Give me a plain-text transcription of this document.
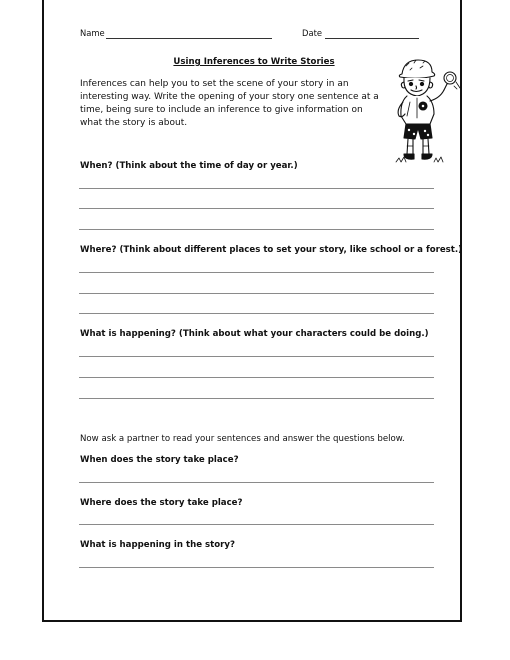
Name	Date
Using Inferences to Write Stories
Inferences can help you to set the scene of your story in an interesting way. Write the opening of your story one sentence at a time, being sure to include an inference to give information on what the story is about.
When? (Think about the time of day or year.)
Where? (Think about different places to set your story, like school or a forest.)
What is happening? (Think about what your characters could be doing.)
Now ask a partner to read your sentences and answer the questions below.
When does the story take place?
Where does the story take place?
What is happening in the story?
